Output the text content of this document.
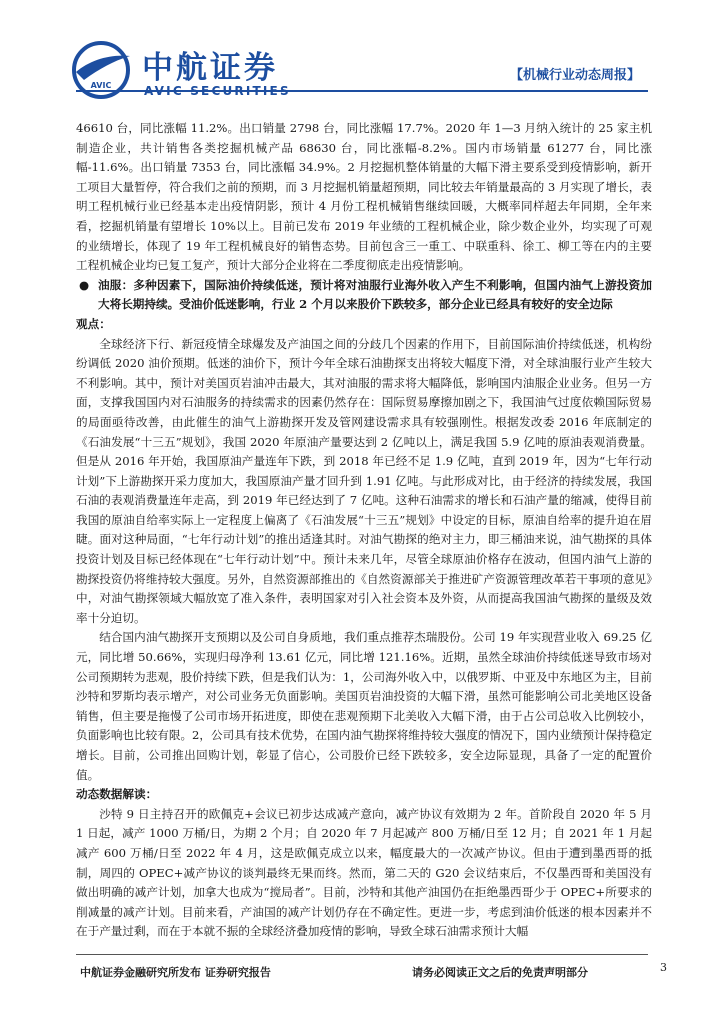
AVIC 中航证券	【机械行业动态周报】

46610 台，同比涨幅 11.2%。出口销量 2798 台，同比涨幅 17.7%。2020 年 1—3 月纳入统计的 25 家主机制造企业，共计销售各类挖掘机械产品 68630 台，同比涨幅-8.2%。国内市场销量 61277 台，同比涨幅-11.6%。出口销量 7353 台，同比涨幅 34.9%。2 月挖掘机整体销量的大幅下滑主要系受到疫情影响，新开工项目大量暂停，符合我们之前的预期，而 3 月挖掘机销量超预期，同比较去年销量最高的 3 月实现了增长，表明工程机械行业已经基本走出疫情阴影，预计 4 月份工程机械销售继续回暖，大概率同样超去年同期，全年来看，挖掘机销量有望增长 10%以上。目前已发布 2019 年业绩的工程机械企业，除少数企业外，均实现了可观的业绩增长，体现了 19 年工程机械良好的销售态势。目前包含三一重工、中联重科、徐工、柳工等在内的主要工程机械企业均已复工复产，预计大部分企业将在二季度彻底走出疫情影响。

● 油服：多种因素下，国际油价持续低迷，预计将对油服行业海外收入产生不利影响，但国内油气上游投资加大将长期持续。受油价低迷影响，行业 2 个月以来股价下跌较多，部分企业已经具有较好的安全边际

观点：

全球经济下行、新冠疫情全球爆发及产油国之间的分歧几个因素的作用下，目前国际油价持续低迷，机构纷纷调低 2020 油价预期。低迷的油价下，预计今年全球石油勘探支出将较大幅度下滑，对全球油服行业产生较大不利影响。其中，预计对美国页岩油冲击最大，其对油服的需求将大幅降低，影响国内油服企业业务。但另一方面，支撑我国国内对石油服务的持续需求的因素仍然存在：国际贸易摩擦加剧之下，我国油气过度依赖国际贸易的局面亟待改善，由此催生的油气上游勘探开发及管网建设需求具有较强刚性。根据发改委 2016 年底制定的《石油发展“十三五”规划》，我国 2020 年原油产量要达到 2 亿吨以上，满足我国 5.9 亿吨的原油表观消费量。但是从 2016 年开始，我国原油产量连年下跌，到 2018 年已经不足 1.9 亿吨，直到 2019 年，因为“七年行动计划”下上游勘探开采力度加大，我国原油产量才回升到 1.91 亿吨。与此形成对比，由于经济的持续发展，我国石油的表观消费量连年走高，到 2019 年已经达到了 7 亿吨。这种石油需求的增长和石油产量的缩减，使得目前我国的原油自给率实际上一定程度上偏离了《石油发展“十三五”规划》中设定的目标，原油自给率的提升迫在眉睫。面对这种局面，“七年行动计划”的推出适逢其时。对油气勘探的绝对主力，即三桶油来说，油气勘探的具体投资计划及目标已经体现在“七年行动计划”中。预计未来几年，尽管全球原油价格存在波动，但国内油气上游的勘探投资仍将维持较大强度。另外，自然资源部推出的《自然资源部关于推进矿产资源管理改革若干事项的意见》中，对油气勘探领域大幅放宽了准入条件，表明国家对引入社会资本及外资，从而提高我国油气勘探的量级及效率十分迫切。

结合国内油气勘探开支预期以及公司自身质地，我们重点推荐杰瑞股份。公司 19 年实现营业收入 69.25 亿元，同比增 50.66%，实现归母净利 13.61 亿元，同比增 121.16%。近期，虽然全球油价持续低迷导致市场对公司预期转为悲观，股价持续下跌，但是我们认为：1，公司海外收入中，以俄罗斯、中亚及中东地区为主，目前沙特和罗斯均表示增产，对公司业务无负面影响。美国页岩油投资的大幅下滑，虽然可能影响公司北美地区设备销售，但主要是拖慢了公司市场开拓进度，即使在悲观预期下北美收入大幅下滑，由于占公司总收入比例较小，负面影响也比较有限。2，公司具有技术优势，在国内油气勘探将维持较大强度的情况下，国内业绩预计保持稳定增长。目前，公司推出回购计划，彰显了信心，公司股价已经下跌较多，安全边际显现，具备了一定的配置价值。

动态数据解读：

沙特 9 日主持召开的欧佩克+会议已初步达成减产意向，减产协议有效期为 2 年。首阶段自 2020 年 5 月 1 日起，减产 1000 万桶/日，为期 2 个月；自 2020 年 7 月起减产 800 万桶/日至 12 月；自 2021 年 1 月起减产 600 万桶/日至 2022 年 4 月，这是欧佩克成立以来，幅度最大的一次减产协议。但由于遭到墨西哥的抵制，周四的 OPEC+减产协议的谈判最终无果而终。然而，第二天的 G20 会议结束后，不仅墨西哥和美国没有做出明确的减产计划，加拿大也成为“搅局者”。目前，沙特和其他产油国仍在拒绝墨西哥少于 OPEC+所要求的削减量的减产计划。目前来看，产油国的减产计划仍存在不确定性。更进一步，考虑到油价低迷的根本因素并不在于产量过剩，而在于本就不振的全球经济叠加疫情的影响，导致全球石油需求预计大幅

中航证券金融研究所发布 证券研究报告	请务必阅读正文之后的免责声明部分	3
